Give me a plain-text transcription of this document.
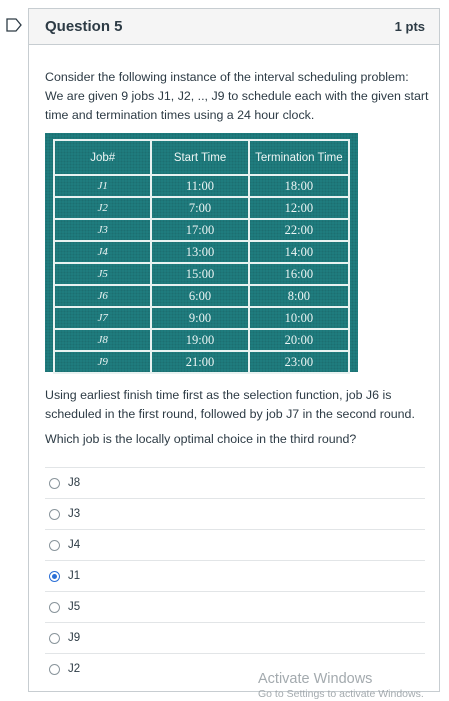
Question 5	1 pts
Consider the following instance of the interval scheduling problem: We are given 9 jobs J1, J2, .., J9 to schedule each with the given start time and termination times using a 24 hour clock.
Job#	Start Time	Termination Time
J1	11:00	18:00
J2	7:00	12:00
J3	17:00	22:00
J4	13:00	14:00
J5	15:00	16:00
J6	6:00	8:00
J7	9:00	10:00
J8	19:00	20:00
J9	21:00	23:00
Using earliest finish time first as the selection function, job J6 is scheduled in the first round, followed by job J7 in the second round.
Which job is the locally optimal choice in the third round?
J8
J3
J4
J1
J5
J9
J2
Activate Windows
Go to Settings to activate Windows.
